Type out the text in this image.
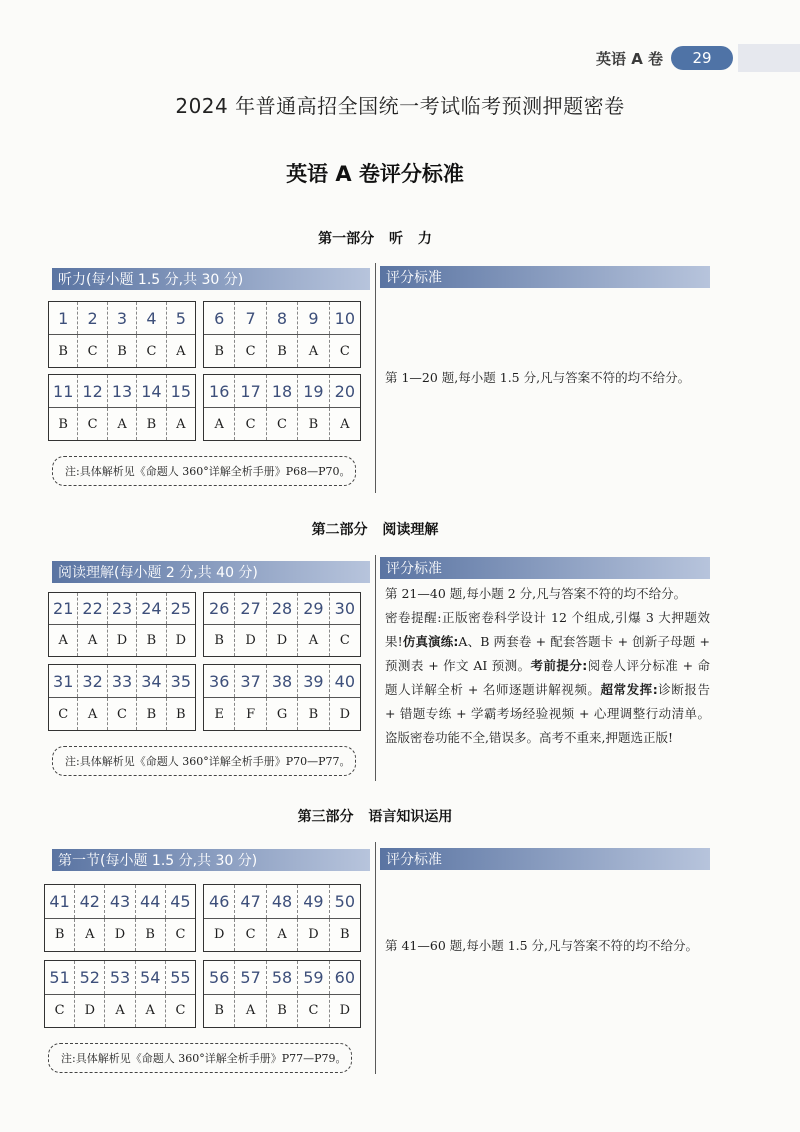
英语 A 卷	29
2024 年普通高招全国统一考试临考预测押题密卷
英语 A 卷评分标准
第一部分 听 力
听力(每小题 1.5 分,共 30 分)	评分标准
1	2	3	4	5
B	C	B	C	A
6	7	8	9	10
B	C	B	A	C
11 12 13 14 15
B	C	A	B	A
16 17 18 19 20
A	C	C	B	A
注:具体解析见《命题人 360°详解全析手册》P68—P70。
第 1—20 题,每小题 1.5 分,凡与答案不符的均不给分。
第二部分 阅读理解
阅读理解(每小题 2 分,共 40 分)	评分标准
21 22 23 24 25
A	A	D	B	D
26 27 28 29 30
B	D	D	A	C
31 32 33 34 35
C	A	C	B	B
36 37 38 39 40
E	F	G	B	D
注:具体解析见《命题人 360°详解全析手册》P70—P77。
第 21—40 题,每小题 2 分,凡与答案不符的均不给分。
密卷提醒:正版密卷科学设计 12 个组成,引爆 3 大押题效果!仿真演练:A、B 两套卷 + 配套答题卡 + 创新子母题 + 预测表 + 作文 AI 预测。考前提分:阅卷人评分标准 + 命题人详解全析 + 名师逐题讲解视频。超常发挥:诊断报告 + 错题专练 + 学霸考场经验视频 + 心理调整行动清单。盗版密卷功能不全,错误多。高考不重来,押题选正版!
第三部分 语言知识运用
第一节(每小题 1.5 分,共 30 分)	评分标准
41 42 43 44 45
B	A	D	B	C
46 47 48 49 50
D	C	A	D	B
51 52 53 54 55
C	D	A	A	C
56 57 58 59 60
B	A	B	C	D
注:具体解析见《命题人 360°详解全析手册》P77—P79。
第 41—60 题,每小题 1.5 分,凡与答案不符的均不给分。
